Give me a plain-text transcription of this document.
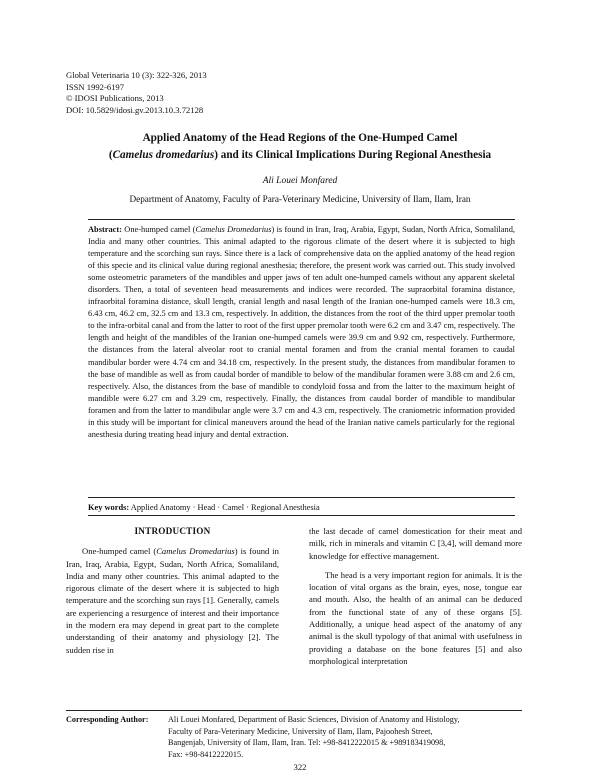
Global Veterinaria 10 (3): 322-326, 2013
ISSN 1992-6197
© IDOSI Publications, 2013
DOI: 10.5829/idosi.gv.2013.10.3.72128
Applied Anatomy of the Head Regions of the One-Humped Camel
(Camelus dromedarius) and its Clinical Implications During Regional Anesthesia
Ali Louei Monfared
Department of Anatomy, Faculty of Para-Veterinary Medicine, University of Ilam, Ilam, Iran
Abstract: One-humped camel (Camelus Dromedarius) is found in Iran, Iraq, Arabia, Egypt, Sudan, North Africa, Somaliland, India and many other countries. This animal adapted to the rigorous climate of the desert where it is subjected to high temperature and the scorching sun rays. Since there is a lack of comprehensive data on the applied anatomy of the head region of this specie and its clinical value during regional anesthesia; therefore, the present work was carried out. This study involved some osteometric parameters of the mandibles and upper jaws of ten adult one-humped camels without any apparent skeletal disorders. Then, a total of seventeen head measurements and indices were recorded. The supraorbital foramina distance, infraorbital foramina distance, skull length, cranial length and nasal length of the Iranian one-humped camels were 18.3 cm, 6.43 cm, 46.2 cm, 32.5 cm and 13.3 cm, respectively. In addition, the distances from the root of the third upper premolar tooth to the infra-orbital canal and from the latter to root of the first upper premolar tooth were 6.2 cm and 3.47 cm, respectively. The length and height of the mandibles of the Iranian one-humped camels were 39.9 cm and 9.92 cm, respectively. Furthermore, the distances from the lateral alveolar root to cranial mental foramen and from the cranial mental foramen to caudal mandibular border were 4.74 cm and 34.18 cm, respectively. In the present study, the distances from mandibular foramen to the base of mandible as well as from caudal border of mandible to below of the mandibular foramen were 3.88 cm and 2.6 cm, respectively. Also, the distances from the base of mandible to condyloid fossa and from the latter to the maximum height of mandible were 6.27 cm and 3.29 cm, respectively. Finally, the distances from caudal border of mandible to mandibular foramen and from the latter to mandibular angle were 3.7 cm and 4.3 cm, respectively. The craniometric information provided in this study will be important for clinical maneuvers around the head of the Iranian native camels particularly for the regional anesthesia during treating head injury and dental extraction.
Key words: Applied Anatomy · Head · Camel · Regional Anesthesia
INTRODUCTION

One-humped camel (Camelus Dromedarius) is found in Iran, Iraq, Arabia, Egypt, Sudan, North Africa, Somaliland, India and many other countries. This animal adapted to the rigorous climate of the desert where it is subjected to high temperature and the scorching sun rays [1]. Generally, camels are experiencing a resurgence of interest and their importance in the modern era may depend in great part to the complete understanding of their anatomy and physiology [2]. The sudden rise in

the last decade of camel domestication for their meat and milk, rich in minerals and vitamin C [3,4], will demand more knowledge for effective management.

The head is a very important region for animals. It is the location of vital organs as the brain, eyes, nose, tongue ear and mouth. Also, the health of an animal can be deduced from the functional state of any of these organs [5]. Additionally, a unique head aspect of the anatomy of any animal is the skull typology of that animal with usefulness in providing a database on the bone features [5] and also morphological interpretation

Corresponding Author: Ali Louei Monfared, Department of Basic Sciences, Division of Anatomy and Histology,
Faculty of Para-Veterinary Medicine, University of Ilam, Ilam, Pajoohesh Street,
Bangenjab, University of Ilam, Ilam, Iran. Tel: +98-8412222015 & +989183419098,
Fax: +98-8412222015.
322
